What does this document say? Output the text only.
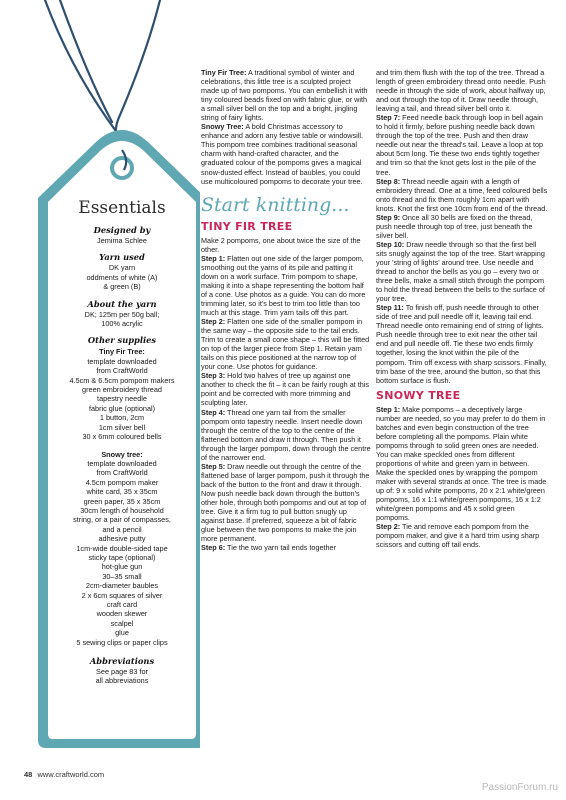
Essentials
Designed by

Jemima Schlee

Yarn used

DK yarn

oddments of white (A)

& green (B)

About the yarn

DK; 125m per 50g ball;

100% acrylic

Other supplies

Tiny Fir Tree:

template downloaded

from CraftWorld

4.5cm & 6.5cm pompom makers

green embroidery thread

tapestry needle

fabric glue (optional)

1 button, 2cm

1cm silver bell

30 x 6mm coloured bells

Snowy tree:

template downloaded

from CraftWorld

4.5cm pompom maker

white card, 35 x 35cm

green paper, 35 x 35cm

30cm length of household

string, or a pair of compasses,

and a pencil

adhesive putty

1cm-wide double-sided tape

sticky tape (optional)

hot-glue gun

30–35 small

2cm-diameter baubles

2 x 6cm squares of silver

craft card

wooden skewer

scalpel

glue

5 sewing clips or paper clips

Abbreviations

See page 83 for

all abbreviations

Tiny Fir Tree: A traditional symbol of winter and celebrations, this little tree is a sculpted project made up of two pompoms. You can embellish it with tiny coloured beads fixed on with fabric glue, or with a small silver bell on the top and a bright, jingling string of fairy lights.

Snowy Tree: A bold Christmas accessory to enhance and adorn any festive table or windowsill. This pompom tree combines traditional seasonal charm with hand-crafted character, and the graduated colour of the pompoms gives a magical snow-dusted effect. Instead of baubles, you could use multicoloured pompoms to decorate your tree.

Start knitting...
TINY FIR TREE

Make 2 pompoms, one about twice the size of the other.

Step 1: Flatten out one side of the larger pompom, smoothing out the yarns of its pile and patting it down on a work surface. Trim pompom to shape, making it into a shape representing the bottom half of a cone. Use photos as a guide. You can do more trimming later, so it's best to trim too little than too much at this stage. Trim yarn tails off this part.

Step 2: Flatten one side of the smaller pompom in the same way – the opposite side to the tail ends. Trim to create a small cone shape – this will be fitted on top of the larger piece from Step 1. Retain yarn tails on this piece positioned at the narrow top of your cone. Use photos for guidance.

Step 3: Hold two halves of tree up against one another to check the fit – it can be fairly rough at this point and be corrected with more trimming and sculpting later.

Step 4: Thread one yarn tail from the smaller pompom onto tapestry needle. Insert needle down through the centre of the top to the centre of the flattened bottom and draw it through. Then push it through the larger pompom, down through the centre of the narrower end.

Step 5: Draw needle out through the centre of the flattened base of larger pompom, push it through the back of the button to the front and draw it through. Now push needle back down through the button's other hole, through both pompoms and out at top of tree. Give it a firm tug to pull button snugly up against base. If preferred, squeeze a bit of fabric glue between the two pompoms to make the join more permanent.

Step 6: Tie the two yarn tail ends together

and trim them flush with the top of the tree. Thread a length of green embroidery thread onto needle. Push needle in through the side of work, about halfway up, and out through the top of it. Draw needle through, leaving a tail, and thread silver bell onto it.

Step 7: Feed needle back through loop in bell again to hold it firmly, before pushing needle back down through the top of the tree. Push and then draw needle out near the thread's tail. Leave a loop at top about 5cm long. Tie these two ends tightly together and trim so that the knot gets lost in the pile of the tree.

Step 8: Thread needle again with a length of embroidery thread. One at a time, feed coloured bells onto thread and fix them roughly 1cm apart with knots. Knot the first one 10cm from end of the thread.

Step 9: Once all 30 bells are fixed on the thread, push needle through top of tree, just beneath the silver bell.

Step 10: Draw needle through so that the first bell sits snugly against the top of the tree. Start wrapping your 'string of lights' around tree. Use needle and thread to anchor the bells as you go – every two or three bells, make a small stitch through the pompom to hold the thread between the bells to the surface of your tree.

Step 11: To finish off, push needle through to other side of tree and pull needle off it, leaving tail end. Thread needle onto remaining end of string of lights. Push needle through tree to exit near the other tail end and pull needle off. Tie these two ends firmly together, losing the knot within the pile of the pompom. Trim off excess with sharp scissors. Finally, trim base of the tree, around the button, so that this bottom surface is flush.

SNOWY TREE

Step 1: Make pompoms – a deceptively large number are needed, so you may prefer to do them in batches and even begin construction of the tree before completing all the pompoms. Plain white pompoms through to solid green ones are needed. You can make speckled ones from different proportions of white and green yarn in between. Make the speckled ones by wrapping the pompom maker with several strands at once. The tree is made up of: 9 x solid white pompoms, 20 x 2:1 white/green pompoms, 16 x 1:1 white/green pompoms, 16 x 1:2 white/green pompoms and 45 x solid green pompoms.

Step 2: Tie and remove each pompom from the pompom maker, and give it a hard trim using sharp scissors and cutting off tail ends.

48 www.craftworld.com
PassionForum.ru
